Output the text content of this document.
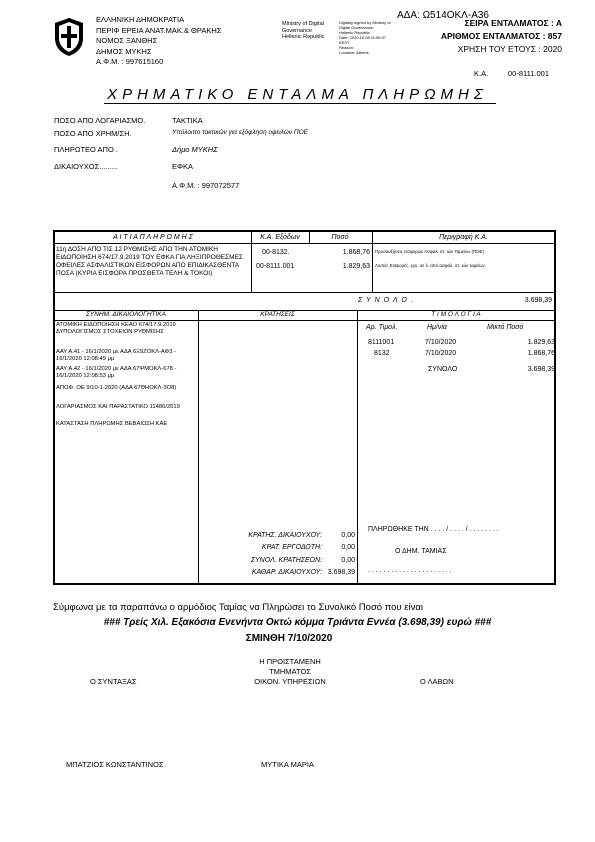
ΕΛΛΗΝΙΚΗ ΔΗΜΟΚΡΑΤΙΑ
ΠΕΡΙΦ ΕΡΕΙΑ ΑΝΑΤ.ΜΑΚ.& ΘΡΑΚΗΣ
ΝΟΜΟΣ ΞΑΝΘΗΣ
ΔΗΜΟΣ ΜΥΚΗΣ
Α.Φ.Μ. : 997615160
Ministry of Digital
Governance
Hellenic Republic
Digitally signed by Ministry of
Digital Governance,
Hellenic Republic
Date: 2020.10.08 11:59:37
EEST
Reason:
Location: Athens
ΑΔΑ: Ω514ΟΚΛ-Α36
ΣΕΙΡΑ ΕΝΤΑΛΜΑΤΟΣ : Α
ΑΡΙΘΜΟΣ ΕΝΤΑΛΜΑΤΟΣ : 857
ΧΡΗΣΗ ΤΟΥ ΕΤΟΥΣ : 2020
Κ.Α.	00-8111.001
ΧΡΗΜΑΤΙΚΟ ΕΝΤΑΛΜΑ ΠΛΗΡΩΜΗΣ
ΠΟΣΟ ΑΠΟ ΛΟΓΑΡΙΑΣΜΟ.	ΤΑΚΤΙΚΑ
ΠΟΣΟ ΑΠΟ ΧΡΗΜ/ΣΗ.	Υπόλοιπο τακτικών για εξόφληση οφειλών ΠΟΕ
ΠΛΗΡΩΤΕΟ ΑΠΟ .	Δήμο ΜΥΚΗΣ
ΔΙΚΑΙΟΥΧΟΣ.........	ΕΦΚΑ
Α.Φ.Μ. : 997072577
Α Ι Τ Ι Α Π Λ Η Ρ Ω Μ Η Σ	Κ.Α. Εξόδων	Ποσό	Περιγραφή Κ.Α.
11η ΔΟΣΗ ΑΠΟ ΤΙΣ 12 ΡΥΘΜΙΣΗΣ ΑΠΟ ΤΗΝ ΑΤΟΜΙΚΗ ΕΙΔΟΠΟΙΗΣΗ 674/17.9.2019 ΤΟΥ ΕΦΚΑ ΓΙΑ ΛΗΞΙΠΡΟΘΕΣΜΕΣ ΟΦΕΙΛΕΣ ΑΣΦΑΛΙΣΤΙΚΩΝ ΕΙΣΦΟΡΩΝ ΑΠΟ ΕΠΙΔΙΚΑΣΘΕΝΤΑ ΠΟΣΑ (ΚΥΡΙΑ ΕΙΣΦΟΡΑ ΠΡΟΣΘΕΤΑ ΤΕΛΗ & ΤΟΚΟΙ)
00-8132.	1.868,76 Προσαυξήσεις εισφορών Ασφαλ. στ. ιών Ταμείων (ΠΟΕ)
00-8111.001	1.829,63 Λοιπές Εισφορές, εργ. σε λ. από ασφαλ. στ. ιών ταμείων
Σ Υ Ν Ο Λ Ο .	3.698,39
ΣΥΝΗΜ. ΔΙΚΑΙΟΛΟΓΗΤΙΚΑ	ΚΡΑΤΗΣΕΙΣ	Τ Ι Μ Ο Λ Ο Γ Ι Α
ΑΤΟΜΙΚΗ ΕΙΔΟΠΟΙΗΣΗ ΚΕΑΟ 674/17.9.2019 ΔΥΠΟΛΟΓΙΣΜΟΣ ΣΤΟΧΕΙΩΝ ΡΥΘΜΙΣΗΣ
ΑΑΥ Α.41 - 16/1/2020 με ΑΔΑ 6Ξ9ΖΟΚΛ-ΑΦ3 - 16/1/2020 12:08:49 μμ
ΑΑΥ Α.42 - 16/1/2020 με ΑΔΑ 67ΨΜΟΚΛ-678 - 16/1/2020 12:08:53 μμ
ΑΠΟΦ. ΟΕ 9/10-1-2020 (ΑΔΑ 67ΘΗΟΚΛ-3Ο8)
ΛΟΓΑΡΙΑΣΜΟΣ ΚΑΙ ΠΑΡΑΣΤΑΤΙΚΟ 11486/2019
ΚΑΤΑΣΤΑΣΗ ΠΛΗΡΩΜΗΣ ΒΕΒΑΙΩΣΗ ΚΑΕ
Αρ. Τιμολ.	Ημ/νία	Μικτό Ποσό
8111001	7/10/2020	1.829,63
8132	7/10/2020	1.868,76
ΣΥΝΟΛΟ	3.698,39
ΚΡΑΤΗΣ. ΔΙΚΑΙΟΥΧΟΥ:	0,00
ΚΡΑΤ. ΕΡΓΟΔΟΤΗ:	0,00
ΣΥΝΟΛ. ΚΡΑΤΗΣΕΩΝ:	0,00
ΚΑΘΑΡ. ΔΙΚΑΙΟΥΧΟΥ: 3.698,39
ΠΛΗΡΩΘΗΚΕ ΤΗΝ . . . . / . . . . / . . . . . . . .
Ο ΔΗΜ. ΤΑΜΙΑΣ
. . . . . . . . . . . . . . . . . . . . . .
Σύμφωνα με τα παραπάνω ο αρμόδιος Ταμίας να Πληρώσει το Συνολικό Ποσό που είναι
### Τρείς Χιλ. Εξακόσια Ενενήντα Οκτώ κόμμα Τριάντα Εννέα (3.698,39) ευρώ ###
ΣΜΙΝΘΗ 7/10/2020
Η ΠΡΟΙΣΤΑΜΕΝΗ
ΤΜΗΜΑΤΟΣ
Ο ΣΥΝΤΑΞΑΣ	ΟΙΚΟΝ. ΥΠΗΡΕΣΙΩΝ	Ο ΛΑΒΩΝ
ΜΠΑΤΖΙΟΣ ΚΩΝΣΤΑΝΤΙΝΟΣ	ΜΥΤΙΚΑ ΜΑΡΙΑ
